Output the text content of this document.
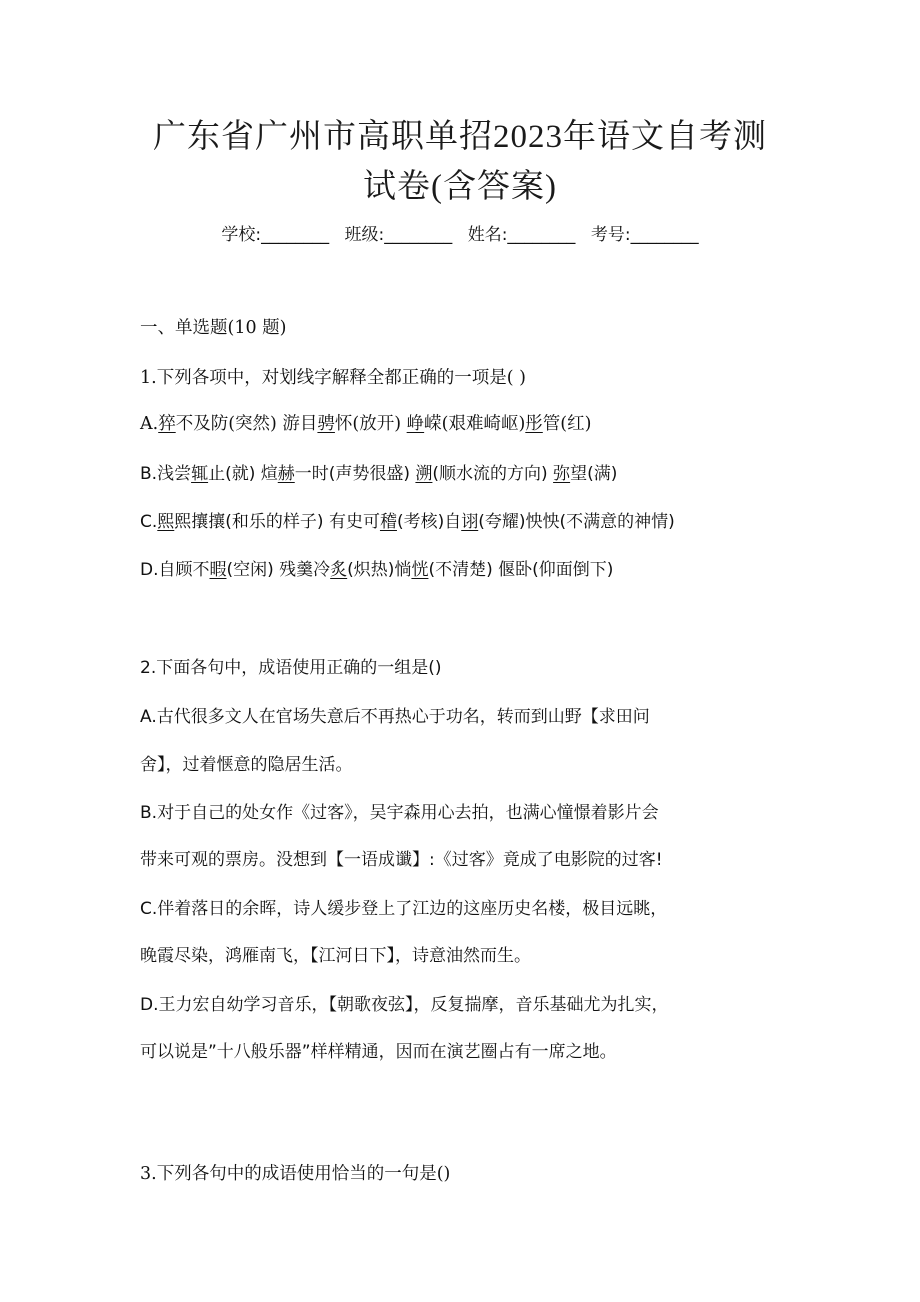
广东省广州市高职单招2023年语文自考测
试卷(含答案)
学校:________ 班级:________ 姓名:________ 考号:________
一、单选题(10 题)
1.下列各项中，对划线字解释全都正确的一项是( )
A.猝不及防(突然) 游目骋怀(放开) 峥嵘(艰难崎岖)彤管(红)
B.浅尝辄止(就) 煊赫一时(声势很盛) 溯(顺水流的方向) 弥望(满)
C.熙熙攘攘(和乐的样子) 有史可稽(考核)自诩(夸耀)怏怏(不满意的神情)
D.自顾不暇(空闲) 残羹冷炙(炽热)惝恍(不清楚) 偃卧(仰面倒下)
2.下面各句中，成语使用正确的一组是()
A.古代很多文人在官场失意后不再热心于功名，转而到山野【求田问
舍】，过着惬意的隐居生活。
B.对于自己的处女作《过客》，吴宇森用心去拍，也满心憧憬着影片会
带来可观的票房。没想到【一语成谶】:《过客》竟成了电影院的过客!
C.伴着落日的余晖，诗人缓步登上了江边的这座历史名楼，极目远眺，
晚霞尽染，鸿雁南飞，【江河日下】，诗意油然而生。
D.王力宏自幼学习音乐，【朝歌夜弦】，反复揣摩，音乐基础尤为扎实，
可以说是”十八般乐器”样样精通，因而在演艺圈占有一席之地。
3.下列各句中的成语使用恰当的一句是()
